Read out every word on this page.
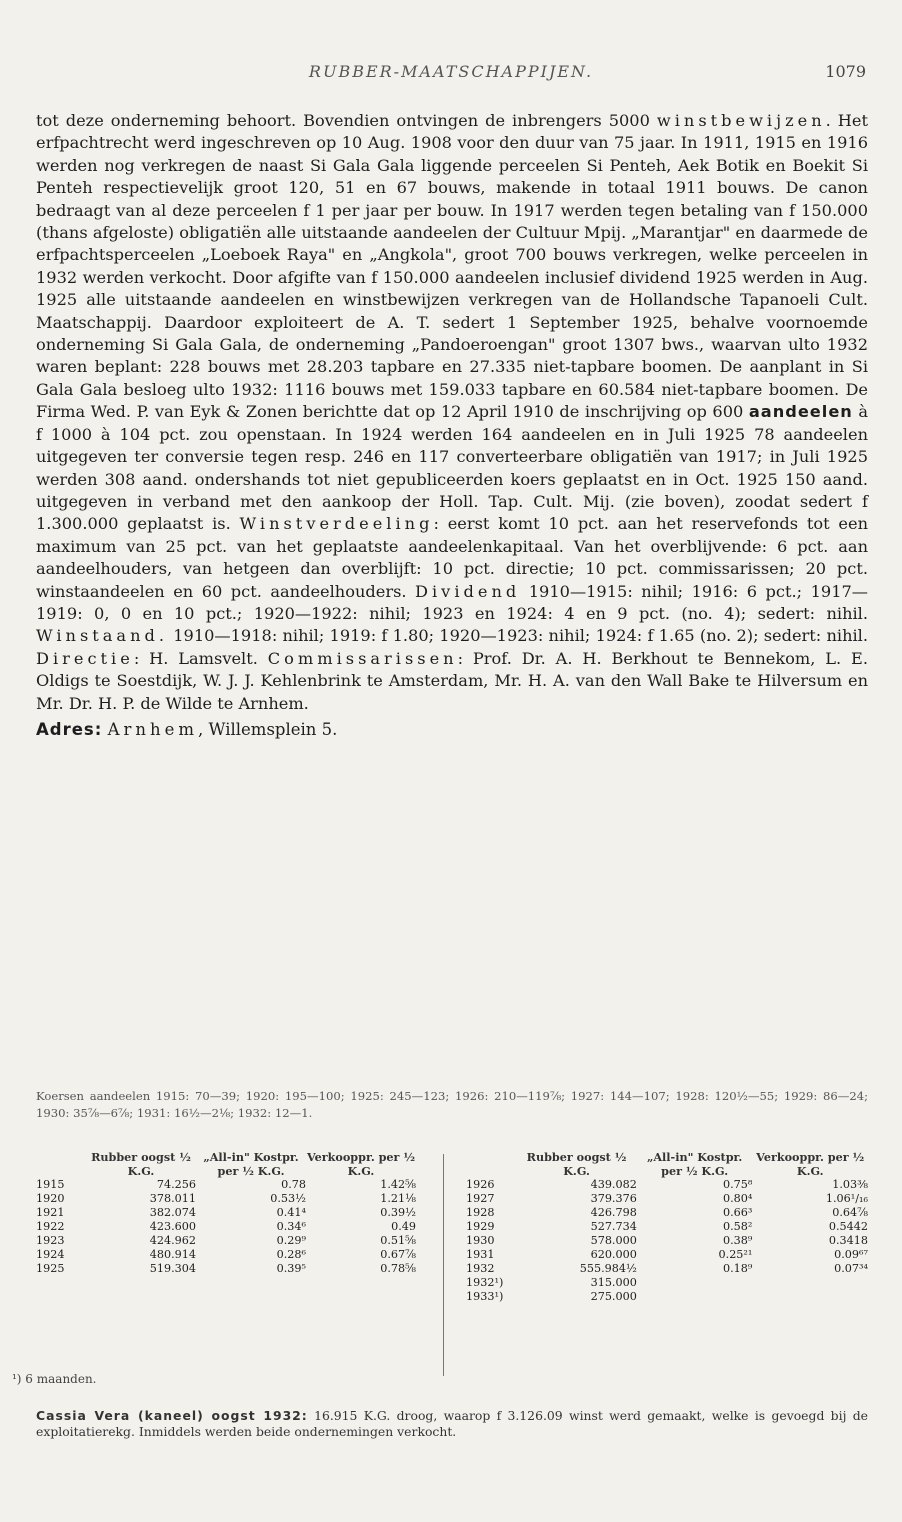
RUBBER-MAATSCHAPPIJEN.	1079

tot deze onderneming behoort. Bovendien ontvingen de inbrengers 5000 winstbewijzen. Het erfpachtrecht werd ingeschreven op 10 Aug. 1908 voor den duur van 75 jaar. In 1911, 1915 en 1916 werden nog verkregen de naast Si Gala Gala liggende perceelen Si Penteh, Aek Botik en Boekit Si Penteh respectievelijk groot 120, 51 en 67 bouws, makende in totaal 1911 bouws. De canon bedraagt van al deze perceelen f 1 per jaar per bouw. In 1917 werden tegen betaling van f 150.000 (thans afgeloste) obligatiën alle uitstaande aandeelen der Cultuur Mpij. „Marantjar" en daarmede de erfpachtsperceelen „Loeboek Raya" en „Angkola", groot 700 bouws verkregen, welke perceelen in 1932 werden verkocht. Door afgifte van f 150.000 aandeelen inclusief dividend 1925 werden in Aug. 1925 alle uitstaande aandeelen en winstbewijzen verkregen van de Hollandsche Tapanoeli Cult. Maatschappij. Daardoor exploiteert de A. T. sedert 1 September 1925, behalve voornoemde onderneming Si Gala Gala, de onderneming „Pandoeroengan" groot 1307 bws., waarvan ulto 1932 waren beplant: 228 bouws met 28.203 tapbare en 27.335 niet-tapbare boomen. De aanplant in Si Gala Gala besloeg ulto 1932: 1116 bouws met 159.033 tapbare en 60.584 niet-tapbare boomen. De Firma Wed. P. van Eyk & Zonen berichtte dat op 12 April 1910 de inschrijving op 600 aandeelen à f 1000 à 104 pct. zou openstaan. In 1924 werden 164 aandeelen en in Juli 1925 78 aandeelen uitgegeven ter conversie tegen resp. 246 en 117 converteerbare obligatiën van 1917; in Juli 1925 werden 308 aand. ondershands tot niet gepubliceerden koers geplaatst en in Oct. 1925 150 aand. uitgegeven in verband met den aankoop der Holl. Tap. Cult. Mij. (zie boven), zoodat sedert f 1.300.000 geplaatst is. Winstverdeeling: eerst komt 10 pct. aan het reservefonds tot een maximum van 25 pct. van het geplaatste aandeelenkapitaal. Van het overblijvende: 6 pct. aan aandeelhouders, van hetgeen dan overblijft: 10 pct. directie; 10 pct. commissarissen; 20 pct. winstaandeelen en 60 pct. aandeelhouders. Dividend 1910—1915: nihil; 1916: 6 pct.; 1917—1919: 0, 0 en 10 pct.; 1920—1922: nihil; 1923 en 1924: 4 en 9 pct. (no. 4); sedert: nihil. Winstaand. 1910—1918: nihil; 1919: f 1.80; 1920—1923: nihil; 1924: f 1.65 (no. 2); sedert: nihil. Directie: H. Lamsvelt. Commissarissen: Prof. Dr. A. H. Berkhout te Bennekom, L. E. Oldigs te Soestdijk, W. J. J. Kehlenbrink te Amsterdam, Mr. H. A. van den Wall Bake te Hilversum en Mr. Dr. H. P. de Wilde te Arnhem.

Adres: Arnhem, Willemsplein 5.
Koersen aandeelen 1915: 70—39; 1920: 195—100; 1925: 245—123; 1926: 210—119⅞; 1927: 144—107; 1928: 120½—55; 1929: 86—24; 1930: 35⅞—6⅞; 1931: 16½—2⅛; 1932: 12—1.
	Rubber oogst ½ K.G.	„All-in" Kostpr. per ½ K.G.	Verkooppr. per ½ K.G.
1915	74.256	0.78	1.42⅝
1920	378.011	0.53½	1.21⅛
1921	382.074	0.41⁴	0.39½
1922	423.600	0.34⁶	0.49
1923	424.962	0.29⁹	0.51⅝
1924	480.914	0.28⁶	0.67⅞
1925	519.304	0.39⁵	0.78⅝
	Rubber oogst ½ K.G.	„All-in" Kostpr. per ½ K.G.	Verkooppr. per ½ K.G.
1926	439.082	0.75⁸	1.03⅜
1927	379.376	0.80⁴	1.06¹/₁₆
1928	426.798	0.66³	0.64⅞
1929	527.734	0.58²	0.5442
1930	578.000	0.38⁹	0.3418
1931	620.000	0.25²¹	0.09⁶⁷
1932	555.984½	0.18⁹	0.07³⁴
1932¹)	315.000		
1933¹)	275.000		
¹) 6 maanden.
Cassia Vera (kaneel) oogst 1932: 16.915 K.G. droog, waarop f 3.126.09 winst werd gemaakt, welke is gevoegd bij de exploitatierekg. Inmiddels werden beide ondernemingen verkocht.
